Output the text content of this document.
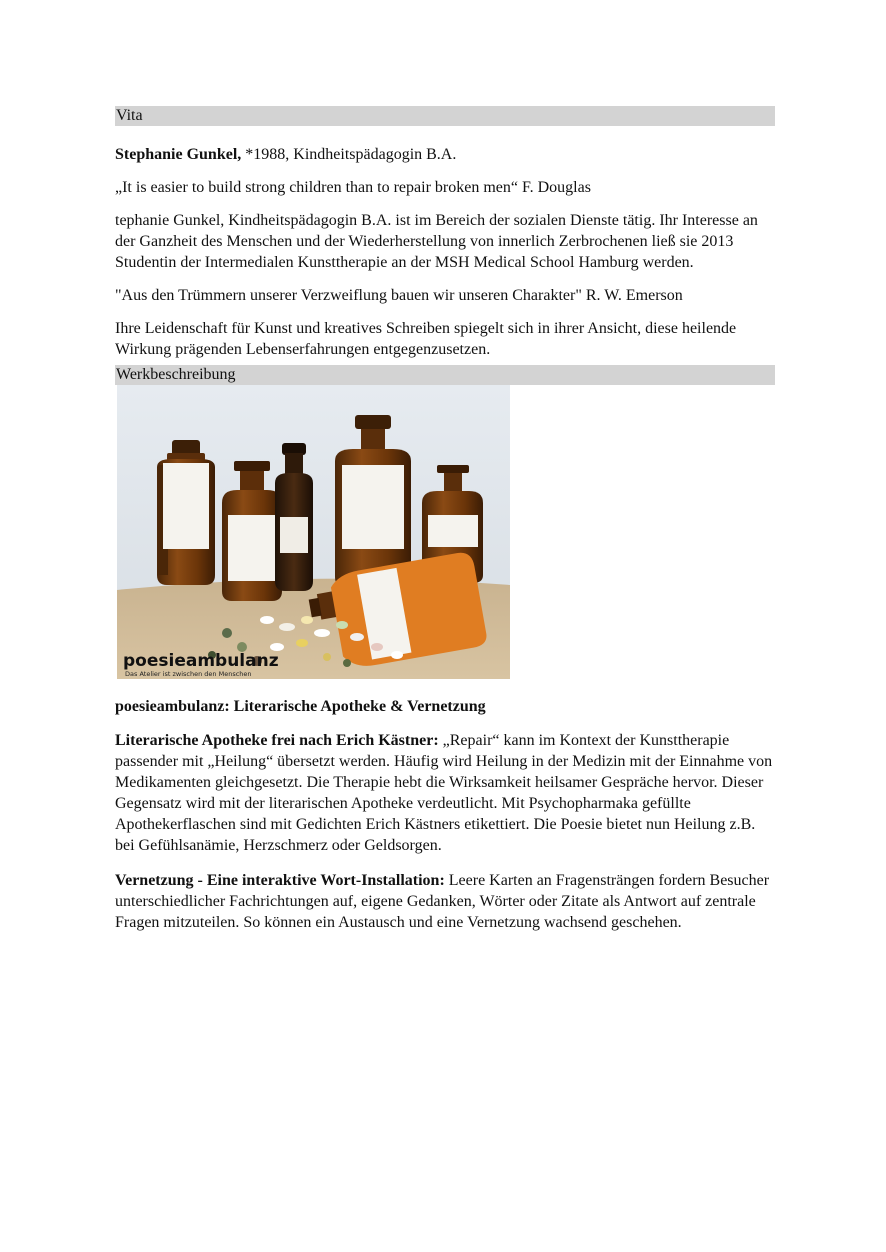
Vita

Stephanie Gunkel, *1988, Kindheitspädagogin B.A.

„It is easier to build strong children than to repair broken men“ F. Douglas

tephanie Gunkel, Kindheitspädagogin B.A. ist im Bereich der sozialen Dienste tätig. Ihr Interesse an der Ganzheit des Menschen und der Wiederherstellung von innerlich Zerbrochenen ließ sie 2013 Studentin der Intermedialen Kunsttherapie an der MSH Medical School Hamburg werden.

"Aus den Trümmern unserer Verzweiflung bauen wir unseren Charakter" R. W. Emerson

Ihre Leidenschaft für Kunst und kreatives Schreiben spiegelt sich in ihrer Ansicht, diese heilende Wirkung prägenden Lebenserfahrungen entgegenzusetzen.

Werkbeschreibung
poesieambulanz
Das Atelier ist zwischen den Menschen

poesieambulanz: Literarische Apotheke & Vernetzung

Literarische Apotheke frei nach Erich Kästner: „Repair“ kann im Kontext der Kunsttherapie passender mit „Heilung“ übersetzt werden. Häufig wird Heilung in der Medizin mit der Einnahme von Medikamenten gleichgesetzt. Die Therapie hebt die Wirksamkeit heilsamer Gespräche hervor. Dieser Gegensatz wird mit der literarischen Apotheke verdeutlicht. Mit Psychopharmaka gefüllte Apothekerflaschen sind mit Gedichten Erich Kästners etikettiert. Die Poesie bietet nun Heilung z.B. bei Gefühlsanämie, Herzschmerz oder Geldsorgen.

Vernetzung - Eine interaktive Wort-Installation: Leere Karten an Fragensträngen fordern Besucher unterschiedlicher Fachrichtungen auf, eigene Gedanken, Wörter oder Zitate als Antwort auf zentrale Fragen mitzuteilen. So können ein Austausch und eine Vernetzung wachsend geschehen.
